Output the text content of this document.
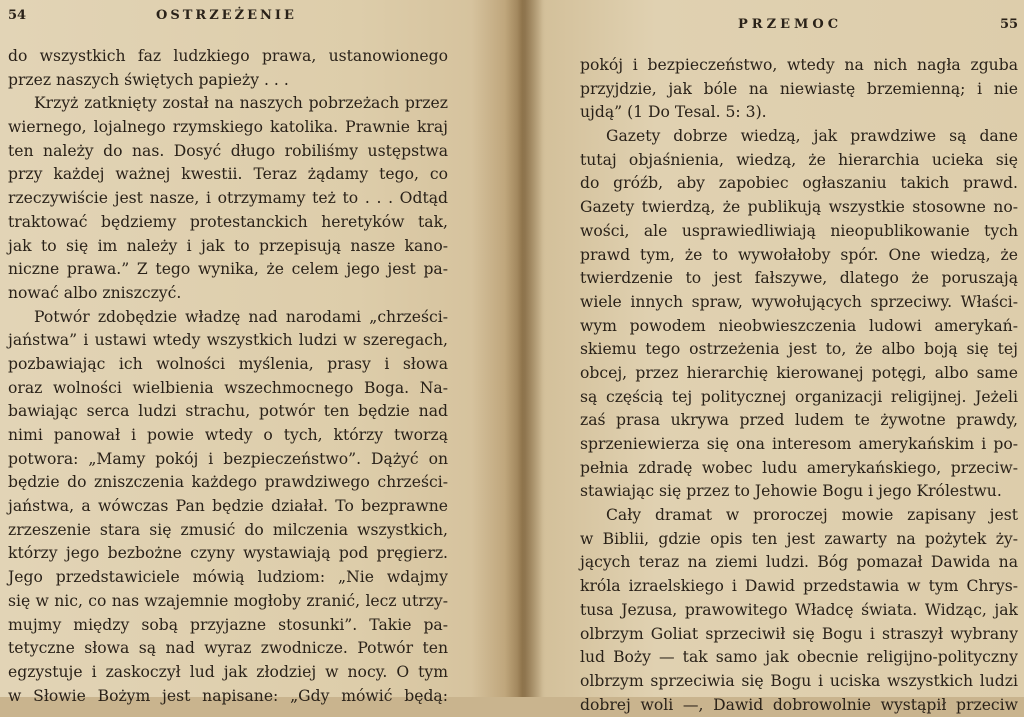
54	OSTRZEŻENIE
do wszystkich faz ludzkiego prawa, ustanowionego
przez naszych świętych papieży . . .
Krzyż zatknięty został na naszych pobrzeżach przez
wiernego, lojalnego rzymskiego katolika. Prawnie kraj
ten należy do nas. Dosyć długo robiliśmy ustępstwa
przy każdej ważnej kwestii. Teraz żądamy tego, co
rzeczywiście jest nasze, i otrzymamy też to . . . Odtąd
traktować będziemy protestanckich heretyków tak,
jak to się im należy i jak to przepisują nasze kano-
niczne prawa.” Z tego wynika, że celem jego jest pa-
nować albo zniszczyć.
Potwór zdobędzie władzę nad narodami „chrześci-
jaństwa” i ustawi wtedy wszystkich ludzi w szeregach,
pozbawiając ich wolności myślenia, prasy i słowa
oraz wolności wielbienia wszechmocnego Boga. Na-
bawiając serca ludzi strachu, potwór ten będzie nad
nimi panował i powie wtedy o tych, którzy tworzą
potwora: „Mamy pokój i bezpieczeństwo”. Dążyć on
będzie do zniszczenia każdego prawdziwego chrześci-
jaństwa, a wówczas Pan będzie działał. To bezprawne
zrzeszenie stara się zmusić do milczenia wszystkich,
którzy jego bezbożne czyny wystawiają pod pręgierz.
Jego przedstawiciele mówią ludziom: „Nie wdajmy
się w nic, co nas wzajemnie mogłoby zranić, lecz utrzy-
mujmy między sobą przyjazne stosunki”. Takie pa-
tetyczne słowa są nad wyraz zwodnicze. Potwór ten
egzystuje i zaskoczył lud jak złodziej w nocy. O tym
w Słowie Bożym jest napisane: „Gdy mówić będą:
PRZEMOC	55
pokój i bezpieczeństwo, wtedy na nich nagła zguba
przyjdzie, jak bóle na niewiastę brzemienną; i nie
ujdą” (1 Do Tesal. 5: 3).
Gazety dobrze wiedzą, jak prawdziwe są dane
tutaj objaśnienia, wiedzą, że hierarchia ucieka się
do gróźb, aby zapobiec ogłaszaniu takich prawd.
Gazety twierdzą, że publikują wszystkie stosowne no-
wości, ale usprawiedliwiają nieopublikowanie tych
prawd tym, że to wywołałoby spór. One wiedzą, że
twierdzenie to jest fałszywe, dlatego że poruszają
wiele innych spraw, wywołujących sprzeciwy. Właści-
wym powodem nieobwieszczenia ludowi amerykań-
skiemu tego ostrzeżenia jest to, że albo boją się tej
obcej, przez hierarchię kierowanej potęgi, albo same
są częścią tej politycznej organizacji religijnej. Jeżeli
zaś prasa ukrywa przed ludem te żywotne prawdy,
sprzeniewierza się ona interesom amerykańskim i po-
pełnia zdradę wobec ludu amerykańskiego, przeciw-
stawiając się przez to Jehowie Bogu i jego Królestwu.
Cały dramat w proroczej mowie zapisany jest
w Biblii, gdzie opis ten jest zawarty na pożytek ży-
jących teraz na ziemi ludzi. Bóg pomazał Dawida na
króla izraelskiego i Dawid przedstawia w tym Chrys-
tusa Jezusa, prawowitego Władcę świata. Widząc, jak
olbrzym Goliat sprzeciwił się Bogu i straszył wybrany
lud Boży — tak samo jak obecnie religijno-polityczny
olbrzym sprzeciwia się Bogu i uciska wszystkich ludzi
dobrej woli —, Dawid dobrowolnie wystąpił przeciw
